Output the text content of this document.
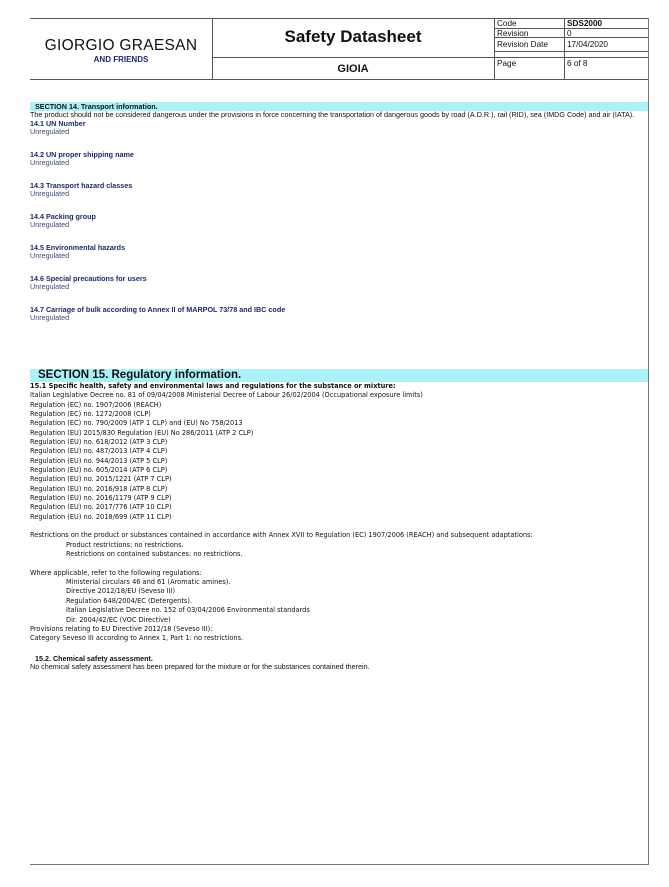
GIORGIO GRAESAN
AND FRIENDS
Safety Datasheet
GIOIA
Code	SDS2000
Revision	0
Revision Date 17/04/2020
Page	6 of 8
SECTION 14. Transport information.
The product should not be considered dangerous under the provisions in force concerning the transportation of dangerous goods by road (A.D.R.), rail (RID), sea (IMDG Code) and air (IATA).
14.1 UN Number
Unregulated
14.2 UN proper shipping name
Unregulated
14.3 Transport hazard classes
Unregulated
14.4 Packing group
Unregulated
14.5 Environmental hazards
Unregulated
14.6 Special precautions for users
Unregulated
14.7 Carriage of bulk according to Annex II of MARPOL 73/78 and IBC code
Unregulated
SECTION 15. Regulatory information.
15.1 Specific health, safety and environmental laws and regulations for the substance or mixture:
Italian Legislative Decree no. 81 of 09/04/2008 Ministerial Decree of Labour 26/02/2004 (Occupational exposure limits)
Regulation (EC) no. 1907/2006 (REACH)
Regulation (EC) no. 1272/2008 (CLP)
Regulation (EC) no. 790/2009 (ATP 1 CLP) and (EU) No 758/2013
Regulation (EU) 2015/830 Regulation (EU) No 286/2011 (ATP 2 CLP)
Regulation (EU) no. 618/2012 (ATP 3 CLP)
Regulation (EU) no. 487/2013 (ATP 4 CLP)
Regulation (EU) no. 944/2013 (ATP 5 CLP)
Regulation (EU) no. 605/2014 (ATP 6 CLP)
Regulation (EU) no. 2015/1221 (ATP 7 CLP)
Regulation (EU) no. 2016/918 (ATP 8 CLP)
Regulation (EU) no. 2016/1179 (ATP 9 CLP)
Regulation (EU) no. 2017/776 (ATP 10 CLP)
Regulation (EU) no. 2018/699 (ATP 11 CLP)
Restrictions on the product or substances contained in accordance with Annex XVII to Regulation (EC) 1907/2006 (REACH) and subsequent adaptations:
Product restrictions: no restrictions.
Restrictions on contained substances: no restrictions.
Where applicable, refer to the following regulations:
Ministerial circulars 46 and 61 (Aromatic amines).
Directive 2012/18/EU (Seveso III)
Regulation 648/2004/EC (Detergents).
Italian Legislative Decree no. 152 of 03/04/2006 Environmental standards
Dir. 2004/42/EC (VOC Directive)
Provisions relating to EU Directive 2012/18 (Seveso III):
Category Seveso III according to Annex 1, Part 1: no restrictions.
15.2. Chemical safety assessment.
No chemical safety assessment has been prepared for the mixture or for the substances contained therein.
